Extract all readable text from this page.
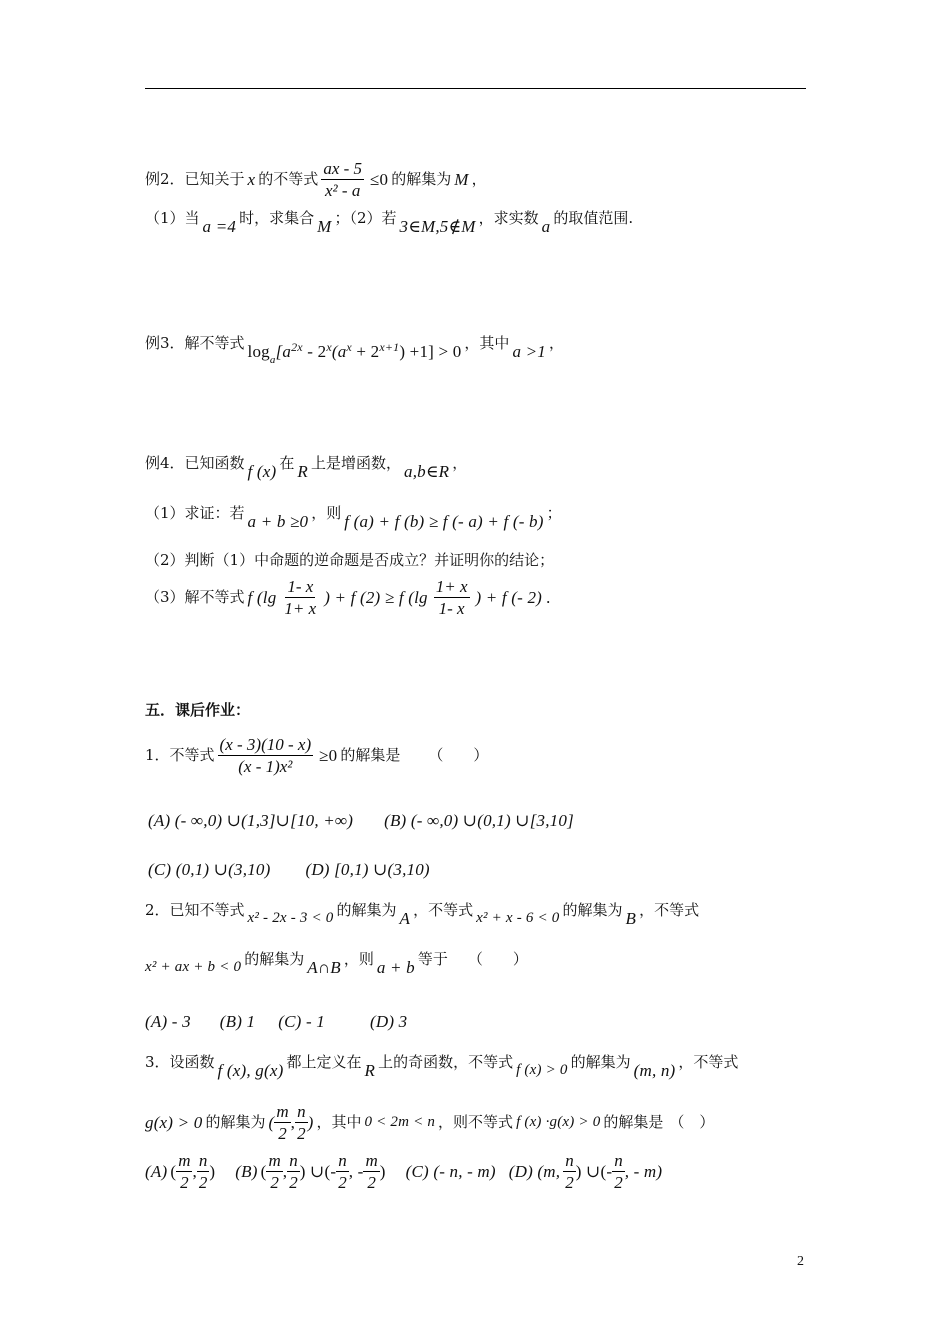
例2．已知关于 x 的不等式 $\frac{ax - 5}{\text{x² - a}} \le 0$ 的解集为 M ，
（1）当 a =4 时，求集合 M ；（2）若 3∈M,5∉M ，求实数 a 的取值范围.
例3．解不等式 $\log_a[a^{2x} - 2^x(a^x + 2^{x+1}) +1] > 0$ ，其中 a >1 ，
例4．已知函数 f (x) 在 R 上是增函数， a,b∈R ，
（1）求证：若 a + b ≥0 ，则 f (a) + f (b) ≥ f (- a) + f (- b) ；
（2）判断（1）中命题的逆命题是否成立？并证明你的结论；
（3）解不等式 f ($\lg \frac{1- x}{1+ x}$ ) + f (2) ≥ f ($\lg \frac{1+ x}{1- x}$ ) + f (- 2) .
五．课后作业：
1．不等式 $\frac{(x - 3)(10 - x)}{\text{(x - 1)x²}} \ge 0$ 的解集是 （　　）
(A) (- ∞,0) ∪(1,3]∪[10, +∞) (B) (- ∞,0) ∪(0,1) ∪[3,10]
(C) (0,1) ∪(3,10) (D) [0,1) ∪(3,10)
2．已知不等式 x² - 2x - 3 < 0 的解集为 A ，不等式 x² + x - 6 < 0 的解集为 B ，不等式
x² + ax + b < 0 的解集为 A∩B ，则 a + b 等于 （　　）
(A) - 3 (B) 1 (C) - 1	(D) 3
3．设函数 f (x), g(x) 都上定义在 R 上的奇函数，不等式 f (x) > 0 的解集为 (m, n) ，不等式
g(x) > 0 的解集为 ( $\frac{m}{2}$ , $\frac{n}{2}$ ) ，其中 0 < 2m < n ，则不等式 f (x) ·g(x) > 0 的解集是 （　）
(A) ( $\frac{m}{2}$ , $\frac{n}{2}$ ) (B) ( $\frac{m}{2}$ , $\frac{n}{2}$ ) ∪(- $\frac{n}{2}$ , - $\frac{m}{2}$ ) (C) (- n, - m) (D) (m, $\frac{n}{2}$ ) ∪(- $\frac{n}{2}$ , - m)
2
